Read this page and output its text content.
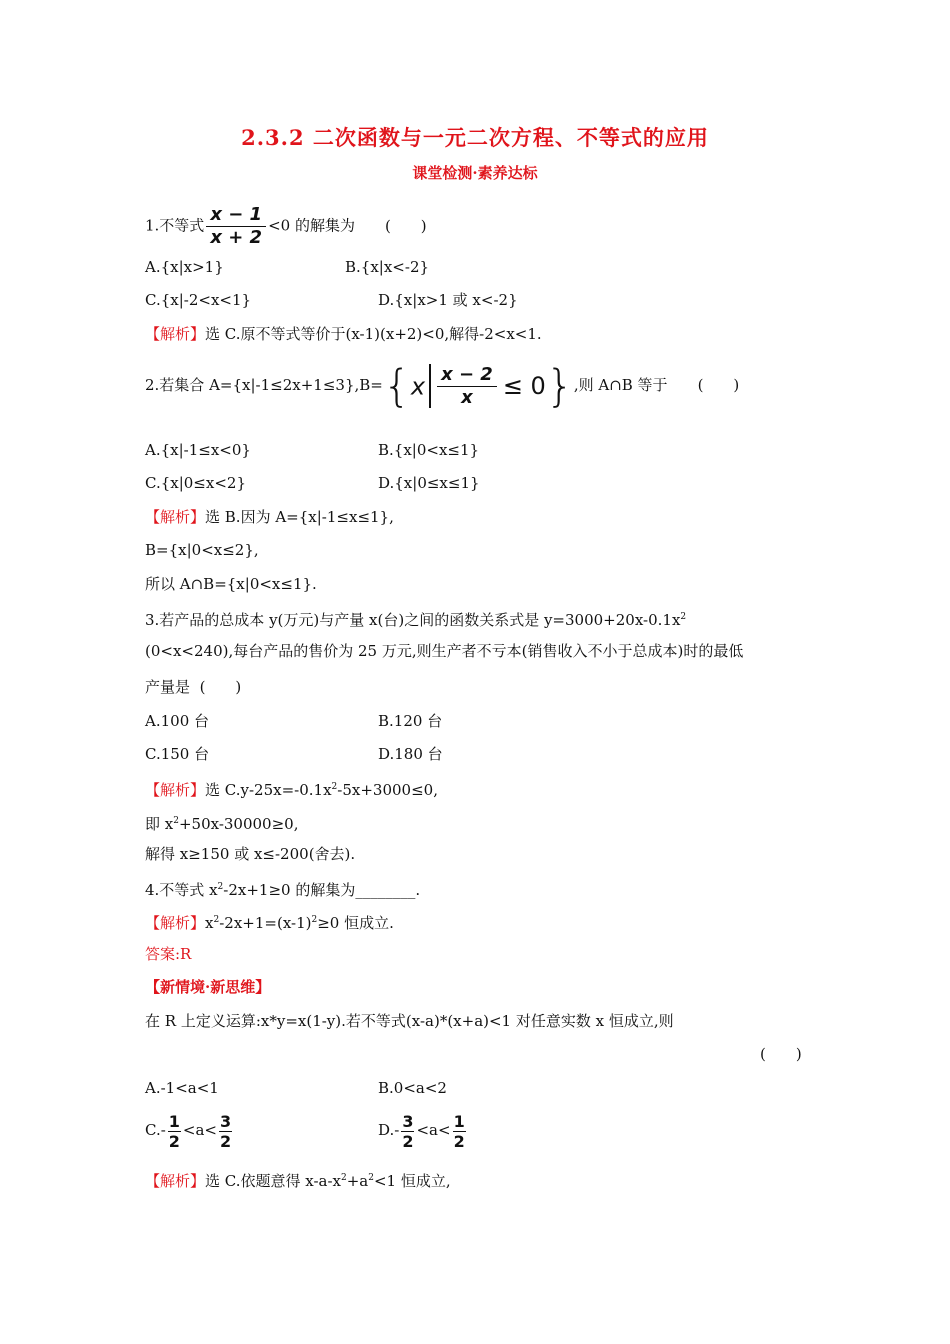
2.3.2 二次函数与一元二次方程、不等式的应用
课堂检测·素养达标
1.不等式 $\frac{x - 1}{x + 2} <0$ 的解集为 (　　)
A.{x|x>1}	B.{x|x<-2}
C.{x|-2<x<1}	D.{x|x>1 或 x<-2}
【解析】选 C.原不等式等价于(x-1)(x+2)<0,解得-2<x<1.
2.若集合 $A=\{x|-1\le 2x+1\le 3\},B=\{x \frac{x - 2}{x} \le 0\}$,则 A∩B 等于 (　　)
A.{x|-1≤x<0}	B.{x|0<x≤1}
C.{x|0≤x<2}	D.{x|0≤x≤1}
【解析】选 B.因为 A={x|-1≤x≤1},
B={x|0<x≤2},
所以 A∩B={x|0<x≤1}.
3.若产品的总成本 y(万元)与产量 x(台)之间的函数关系式是 $y=3000+20x-0.1x^2$
(0<x<240),每台产品的售价为 25 万元,则生产者不亏本(销售收入不小于总成本)时的最低
产量是 (　　)
A.100 台	B.120 台
C.150 台	D.180 台
【解析】选 $C.y-25x=-0.1x^2-5x+3000\le 0$,
即 $x^2+50x-30000\ge 0$,
解得 x≥150 或 x≤-200(舍去).
4.不等式 $x^2-2x+1\ge 0$ 的解集为________.
【解析】$x^2-2x+1=(x-1)^2\ge 0$ 恒成立.
答案:R
【新情境·新思维】
在 R 上定义运算:x*y=x(1-y).若不等式(x-a)*(x+a)<1 对任意实数 x 恒成立,则
(　　)
A.-1<a<1	B.0<a<2
$C.- \frac{1}{2} <a< \frac{3}{2}$	$D.- \frac{3}{2} <a< \frac{1}{2}$
【解析】选 C.依题意得 $x-a-x^2+a^2<1$ 恒成立,
